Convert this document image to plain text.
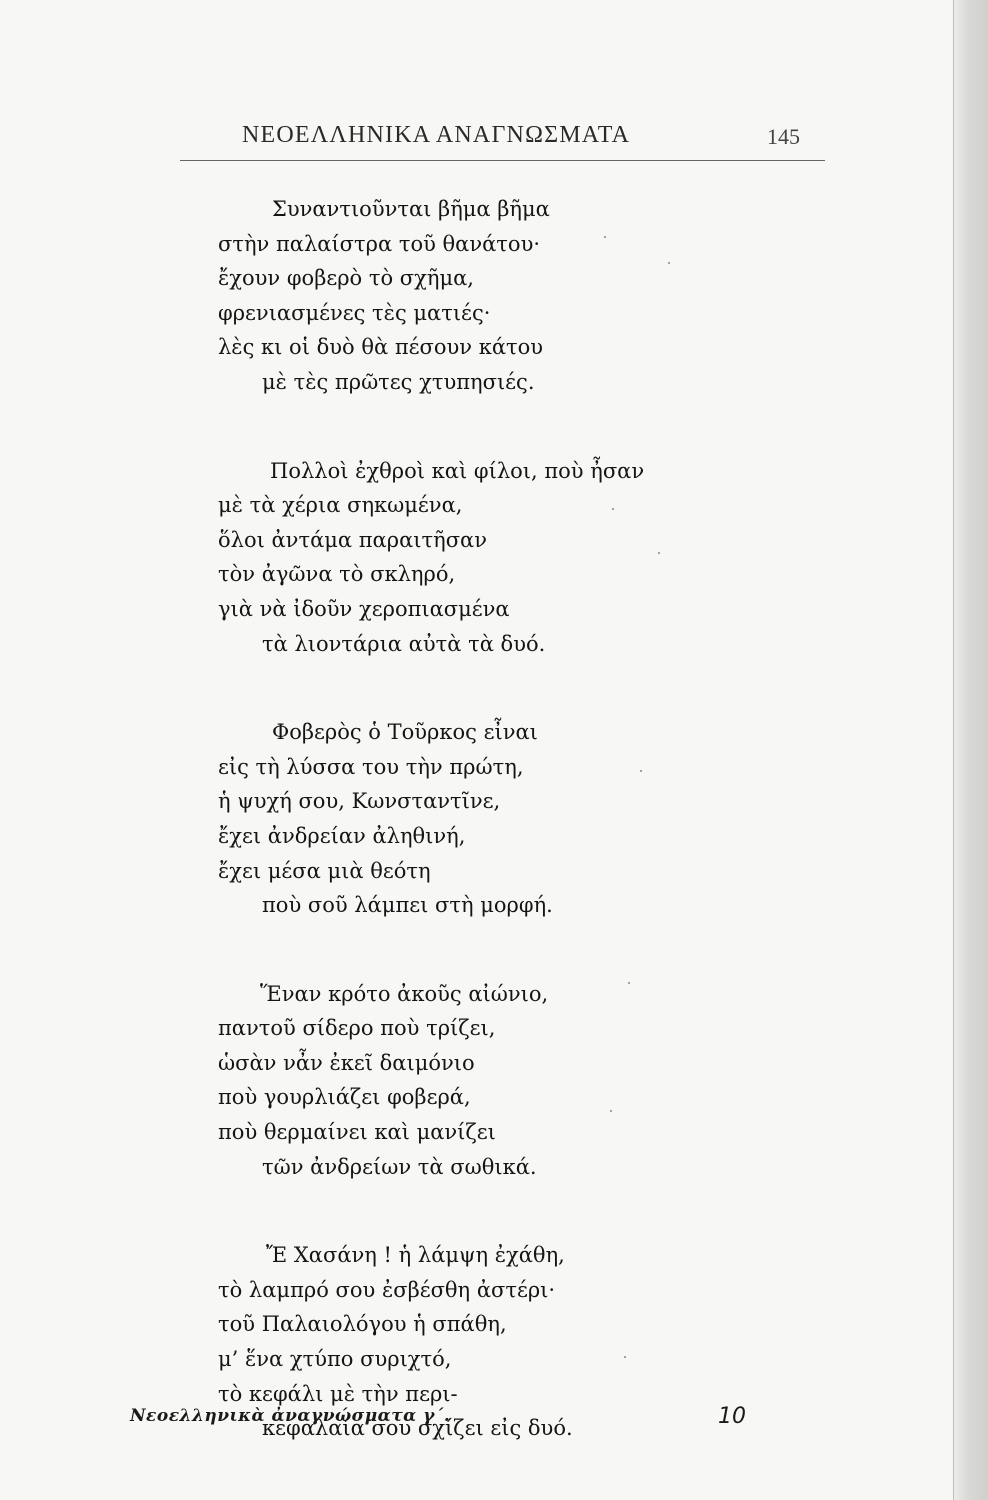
ΝΕΟΕΛΛΗΝΙΚΑ ΑΝΑΓΝΩΣΜΑΤΑ	145
Συναντιοῦνται βῆμα βῆμα
στὴν παλαίστρα τοῦ θανάτου·
ἔχουν φοβερὸ τὸ σχῆμα,
φρενιασμένες τὲς ματιές·
λὲς κι οἱ δυὸ θὰ πέσουν κάτου
μὲ τὲς πρῶτες χτυπησιές.
Πολλοὶ ἐχθροὶ καὶ φίλοι, ποὺ ἦσαν
μὲ τὰ χέρια σηκωμένα,
ὅλοι ἀντάμα παραιτῆσαν
τὸν ἀγῶνα τὸ σκληρό,
γιὰ νὰ ἰδοῦν χεροπιασμένα
τὰ λιοντάρια αὐτὰ τὰ δυό.
Φοβερὸς ὁ Τοῦρκος εἶναι
εἰς τὴ λύσσα του τὴν πρώτη,
ἡ ψυχή σου, Κωνσταντῖνε,
ἔχει ἀνδρείαν ἀληθινή,
ἔχει μέσα μιὰ θεότη
ποὺ σοῦ λάμπει στὴ μορφή.
Ἕναν κρότο ἀκοῦς αἰώνιο,
παντοῦ σίδερο ποὺ τρίζει,
ὡσὰν νἆν ἐκεῖ δαιμόνιο
ποὺ γουρλιάζει φοβερά,
ποὺ θερμαίνει καὶ μανίζει
τῶν ἀνδρείων τὰ σωθικά.
Ἔ Χασάνη ! ἡ λάμψη ἐχάθη,
τὸ λαμπρό σου ἐσβέσθη ἀστέρι·
τοῦ Παλαιολόγου ἡ σπάθη,
μ’ ἕνα χτύπο συριχτό,
τὸ κεφάλι μὲ τὴν περι-
κεφαλαία σου σχίζει εἰς δυό.
Νεοελληνικὰ ἀναγνώσματα γ΄.	10
